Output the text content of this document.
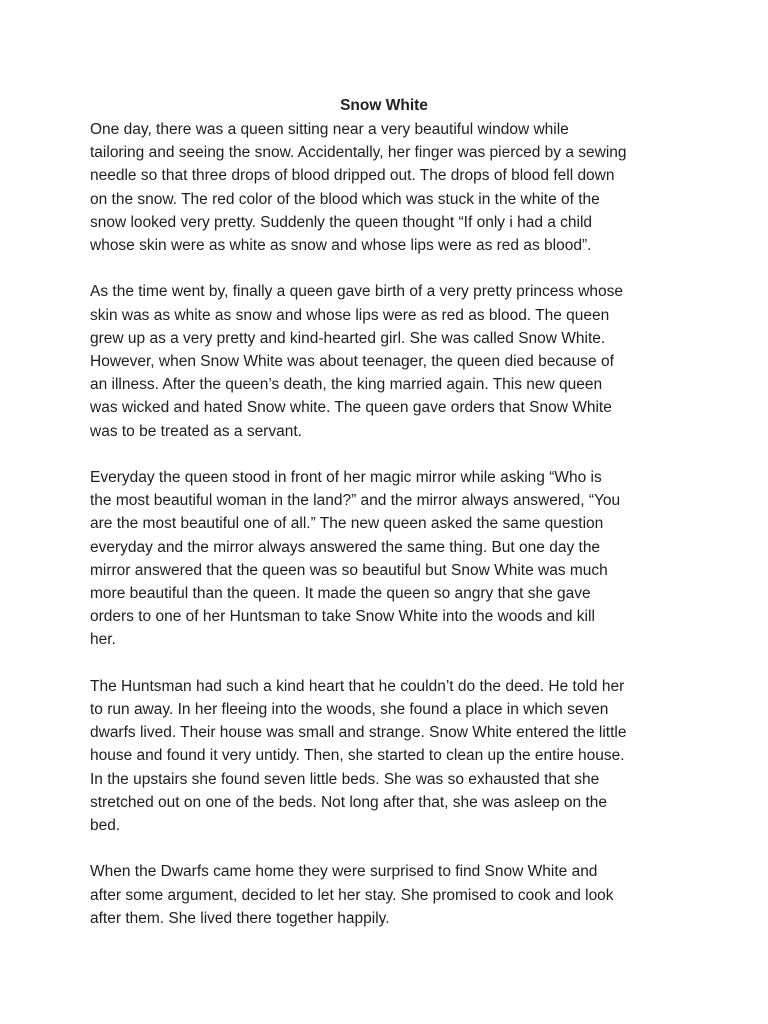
Snow White

One day, there was a queen sitting near a very beautiful window while
tailoring and seeing the snow. Accidentally, her finger was pierced by a sewing
needle so that three drops of blood dripped out. The drops of blood fell down
on the snow. The red color of the blood which was stuck in the white of the
snow looked very pretty. Suddenly the queen thought “If only i had a child
whose skin were as white as snow and whose lips were as red as blood”.

As the time went by, finally a queen gave birth of a very pretty princess whose
skin was as white as snow and whose lips were as red as blood. The queen
grew up as a very pretty and kind-hearted girl. She was called Snow White.
However, when Snow White was about teenager, the queen died because of
an illness. After the queen’s death, the king married again. This new queen
was wicked and hated Snow white. The queen gave orders that Snow White
was to be treated as a servant.

Everyday the queen stood in front of her magic mirror while asking “Who is
the most beautiful woman in the land?” and the mirror always answered, “You
are the most beautiful one of all.” The new queen asked the same question
everyday and the mirror always answered the same thing. But one day the
mirror answered that the queen was so beautiful but Snow White was much
more beautiful than the queen. It made the queen so angry that she gave
orders to one of her Huntsman to take Snow White into the woods and kill
her.

The Huntsman had such a kind heart that he couldn’t do the deed. He told her
to run away. In her fleeing into the woods, she found a place in which seven
dwarfs lived. Their house was small and strange. Snow White entered the little
house and found it very untidy. Then, she started to clean up the entire house.
In the upstairs she found seven little beds. She was so exhausted that she
stretched out on one of the beds. Not long after that, she was asleep on the
bed.

When the Dwarfs came home they were surprised to find Snow White and
after some argument, decided to let her stay. She promised to cook and look
after them. She lived there together happily.
